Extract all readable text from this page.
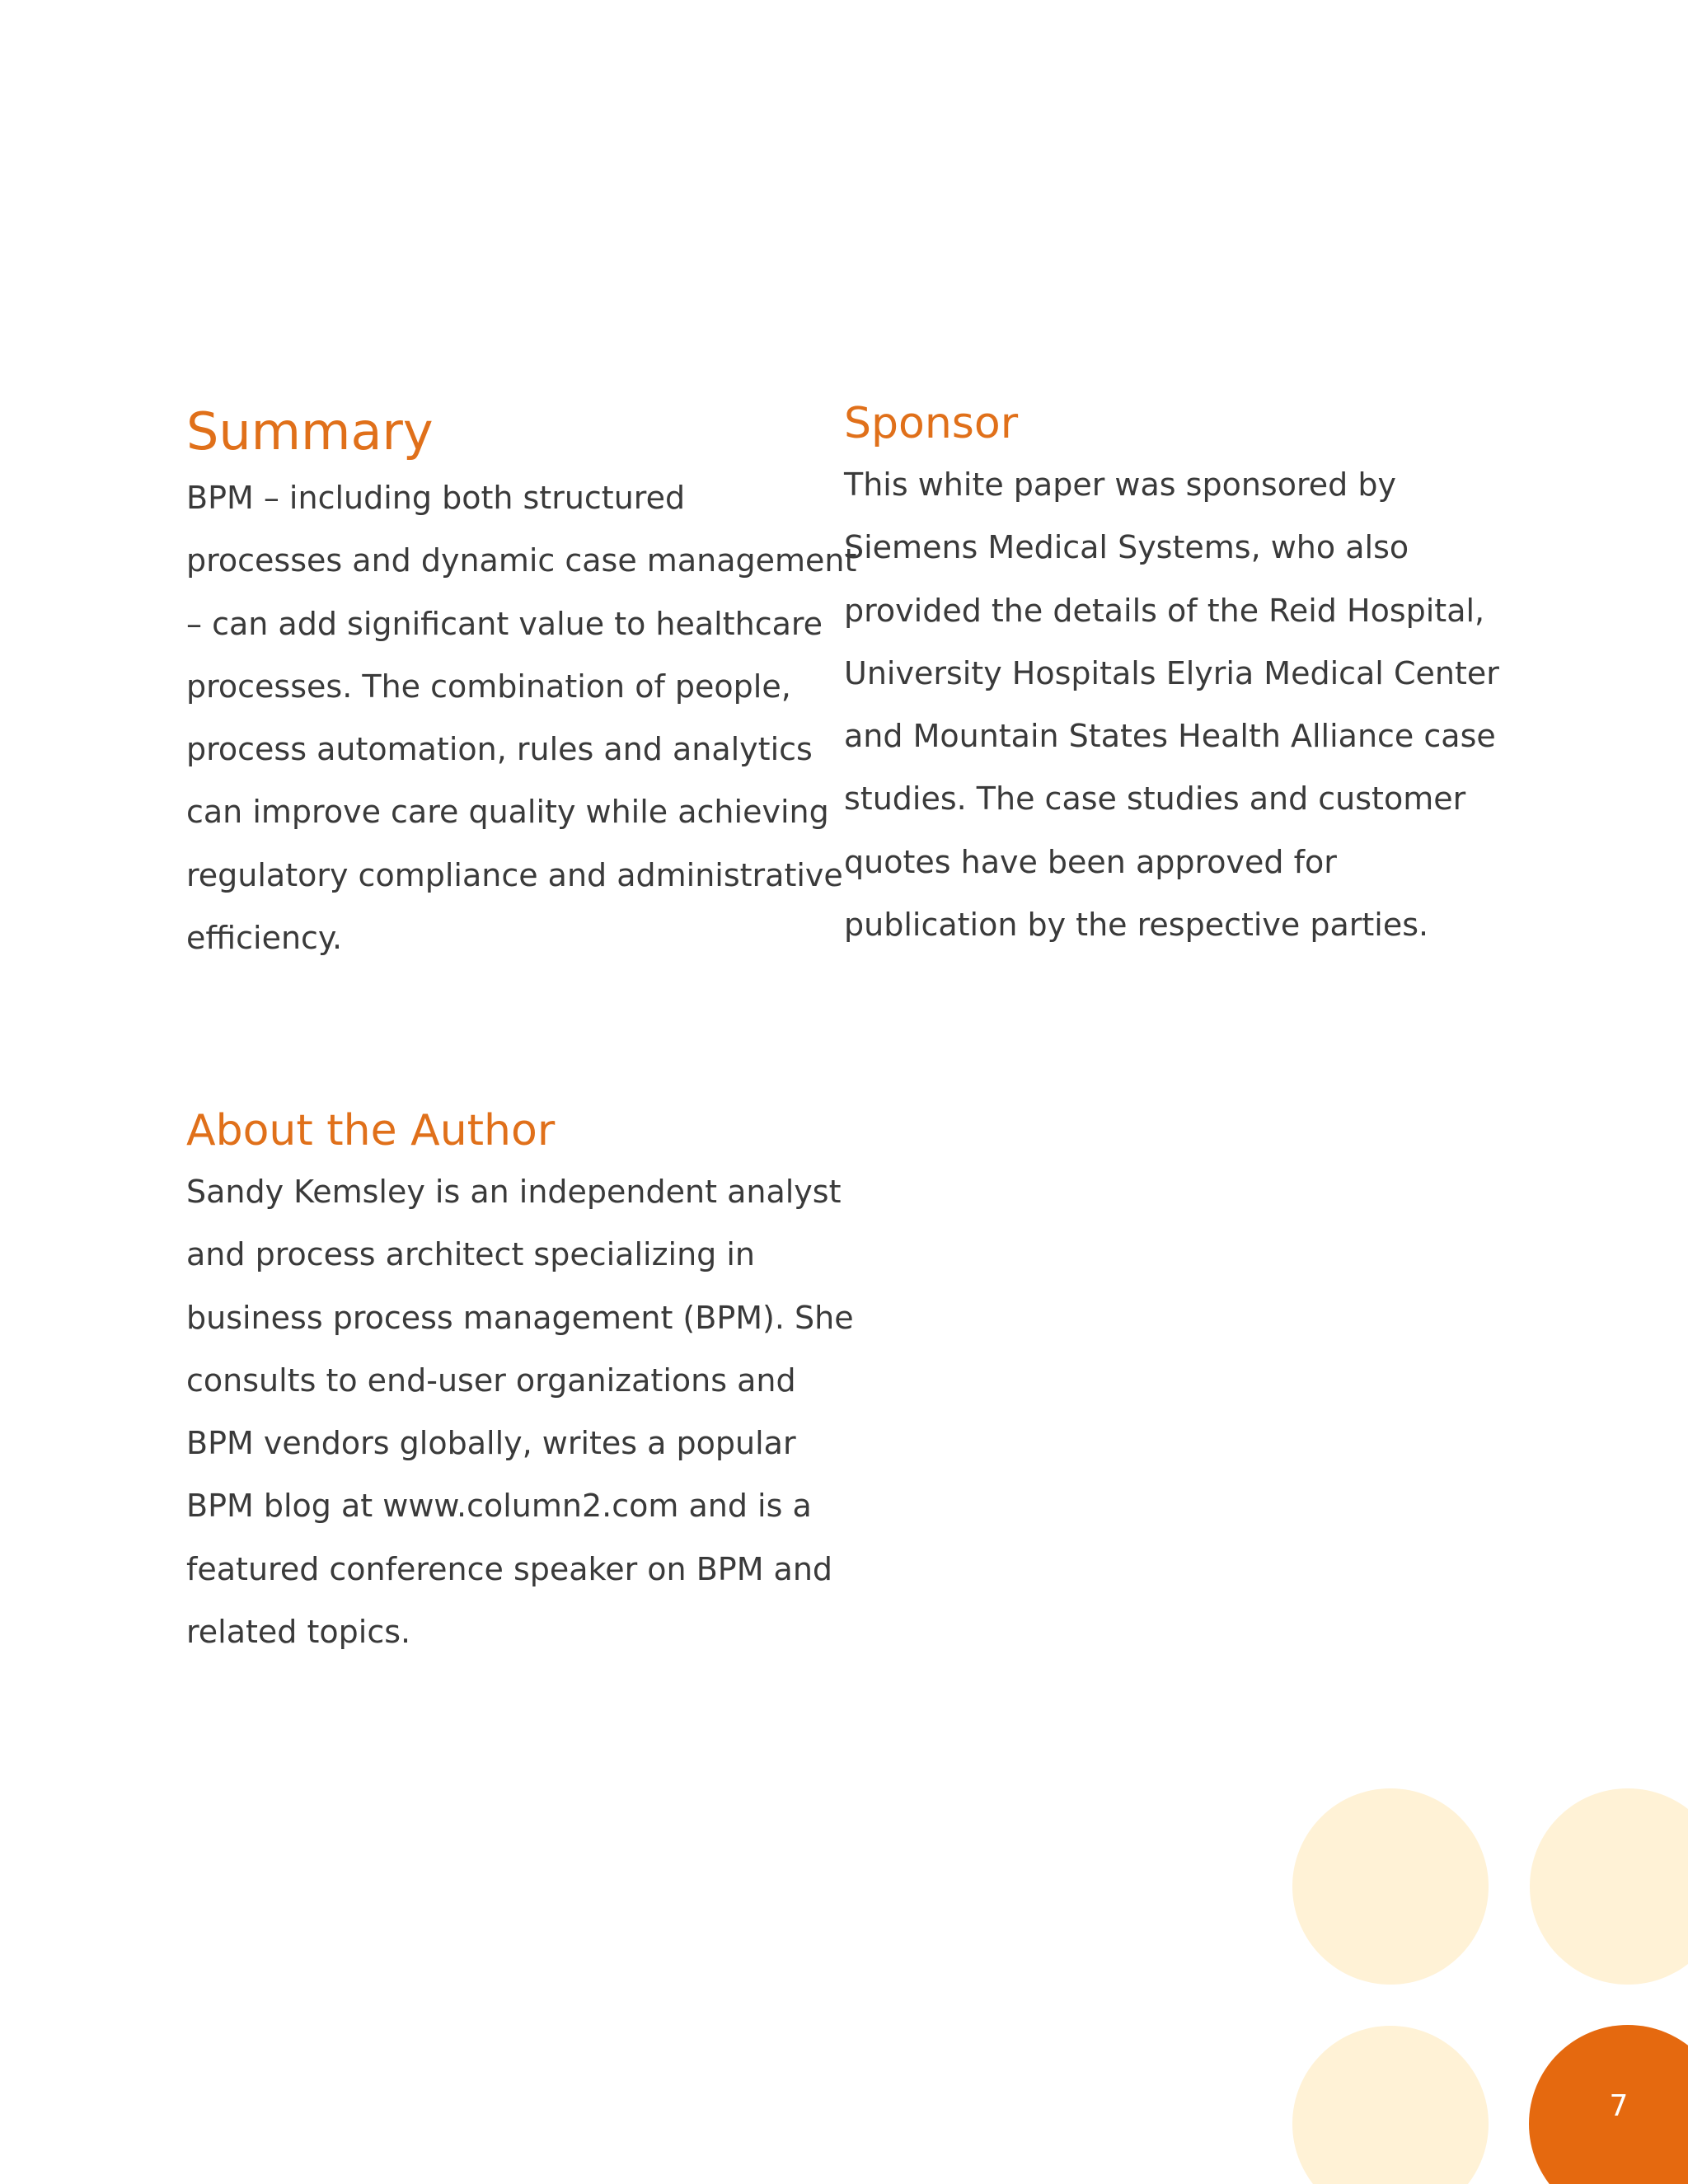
Summary

BPM – including both structured
processes and dynamic case management
– can add significant value to healthcare
processes. The combination of people,
process automation, rules and analytics
can improve care quality while achieving
regulatory compliance and administrative
efficiency.

Sponsor

This white paper was sponsored by
Siemens Medical Systems, who also
provided the details of the Reid Hospital,
University Hospitals Elyria Medical Center
and Mountain States Health Alliance case
studies. The case studies and customer
quotes have been approved for
publication by the respective parties.

About the Author

Sandy Kemsley is an independent analyst
and process architect specializing in
business process management (BPM). She
consults to end-user organizations and
BPM vendors globally, writes a popular
BPM blog at www.column2.com and is a
featured conference speaker on BPM and
related topics.

7
